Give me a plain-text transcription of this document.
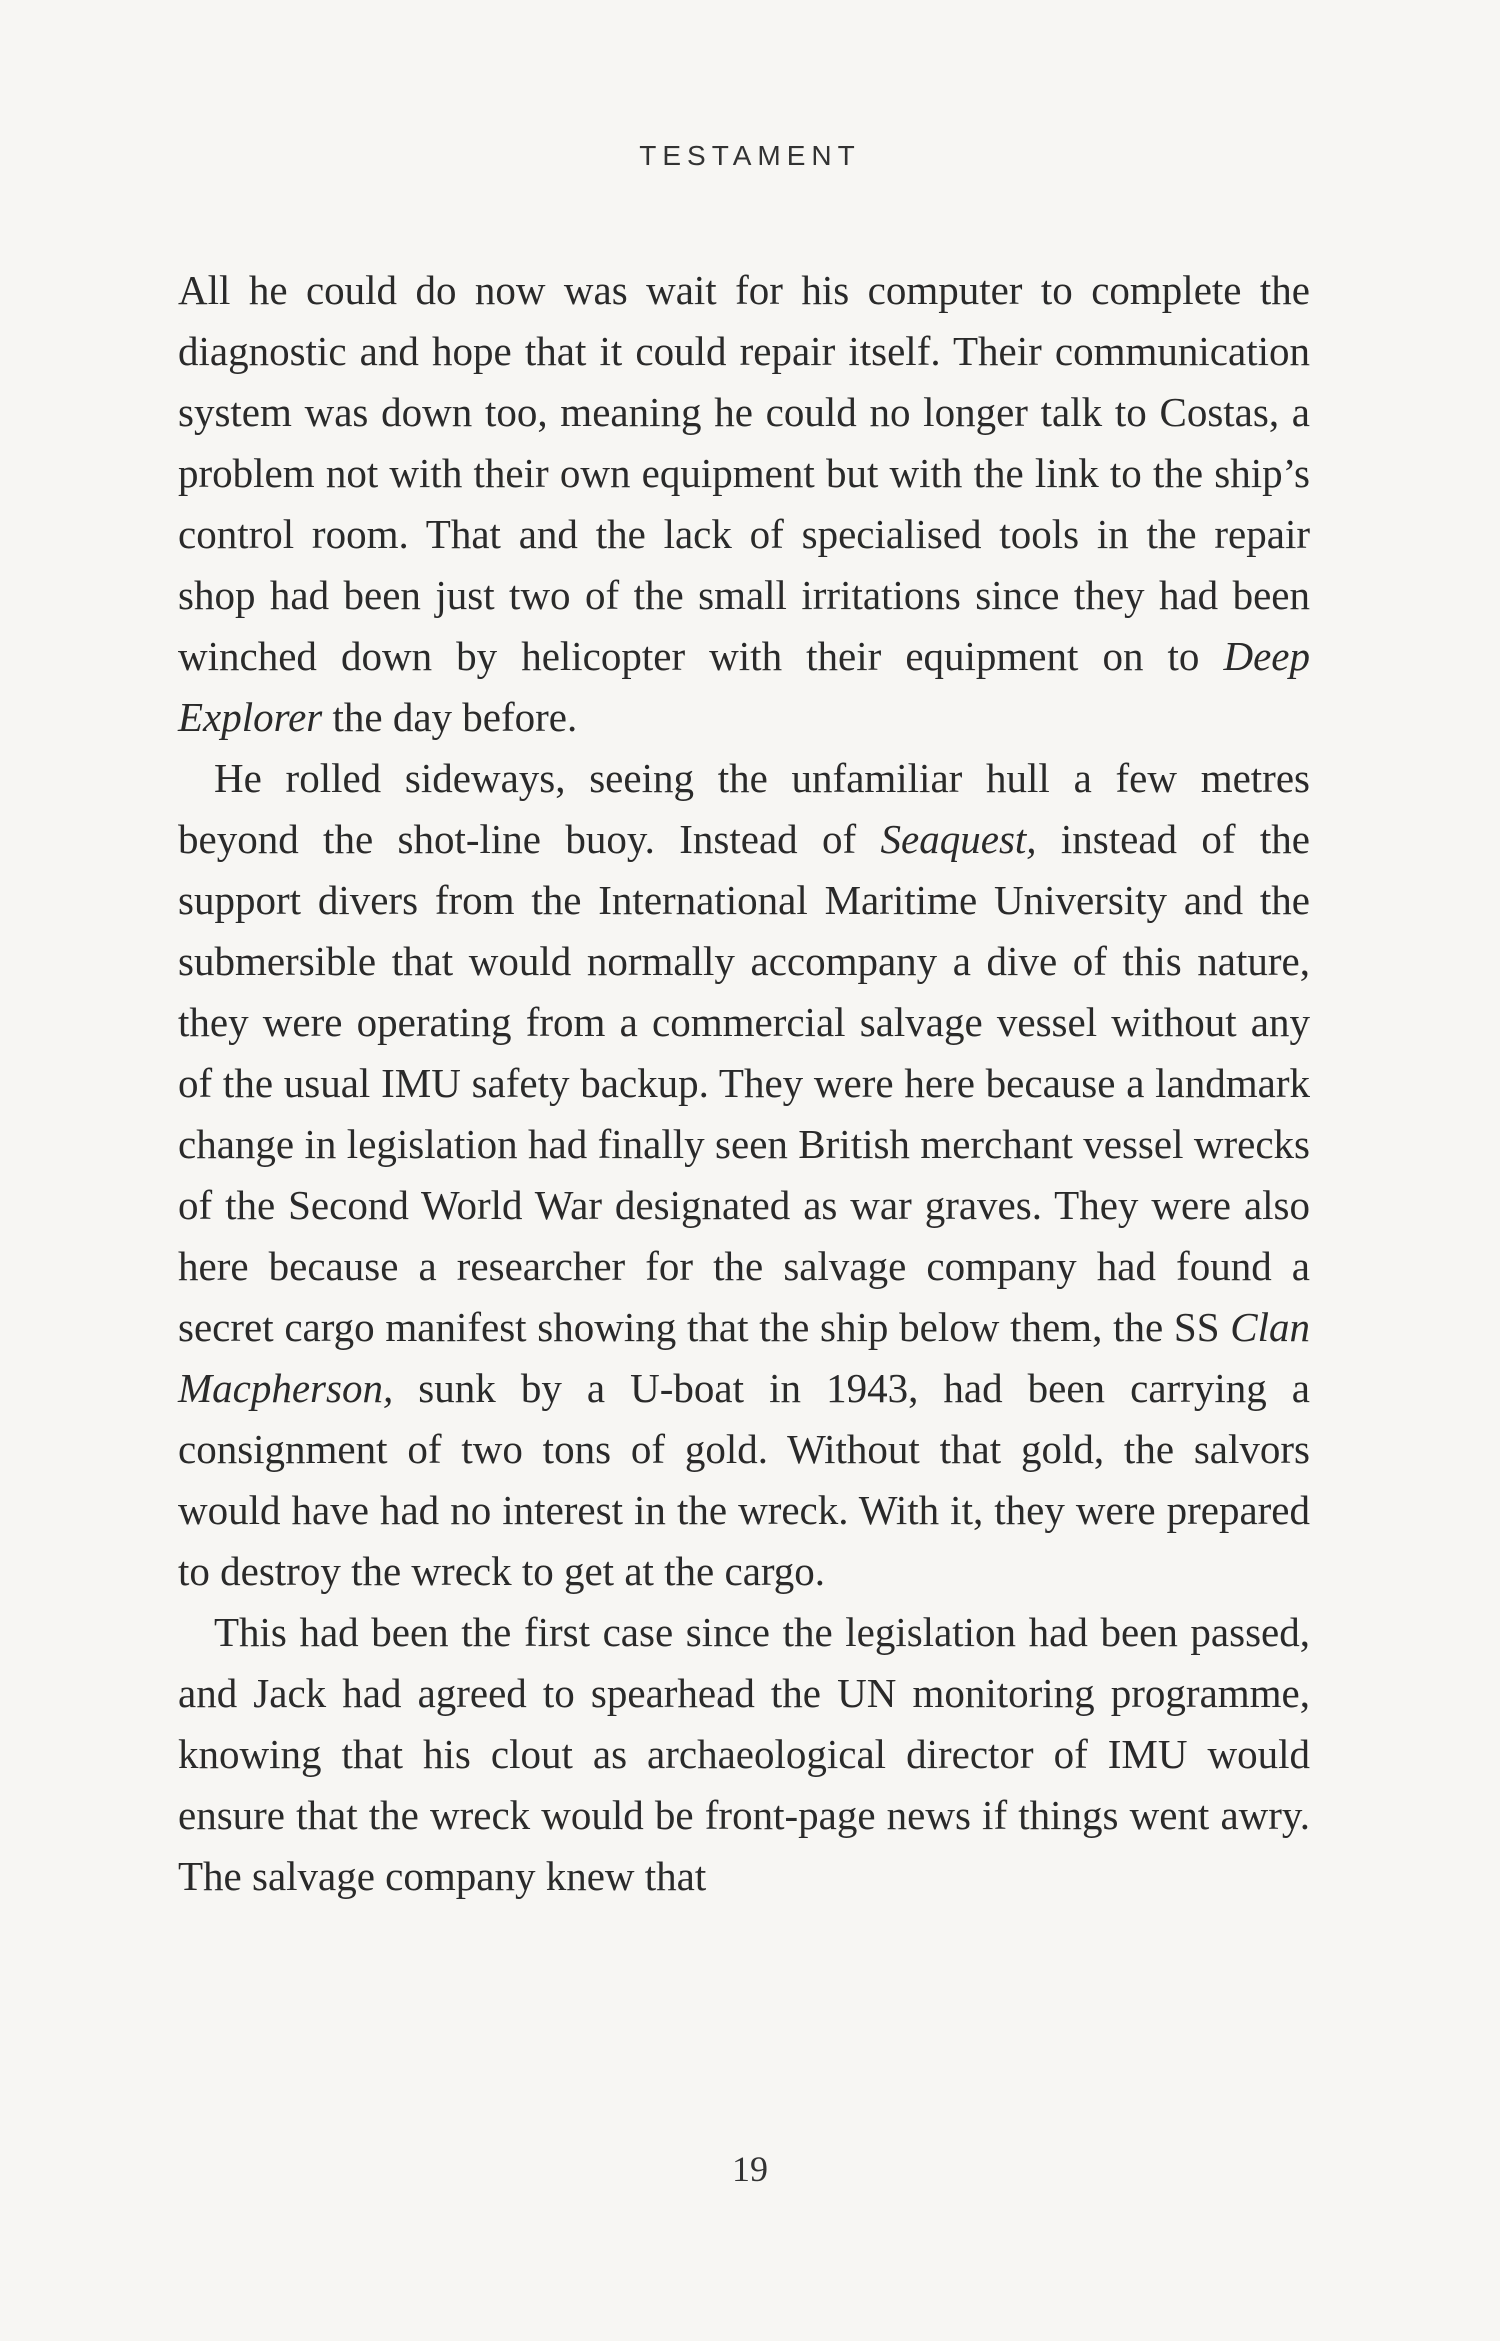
TESTAMENT

All he could do now was wait for his computer to complete the diagnostic and hope that it could repair itself. Their communication system was down too, meaning he could no longer talk to Costas, a problem not with their own equipment but with the link to the ship’s control room. That and the lack of specialised tools in the repair shop had been just two of the small irritations since they had been winched down by helicopter with their equipment on to Deep Explorer the day before.

He rolled sideways, seeing the unfamiliar hull a few metres beyond the shot-line buoy. Instead of Seaquest, instead of the support divers from the International Maritime University and the submersible that would normally accompany a dive of this nature, they were operating from a commercial salvage vessel without any of the usual IMU safety backup. They were here because a landmark change in legislation had finally seen British merchant vessel wrecks of the Second World War designated as war graves. They were also here because a researcher for the salvage company had found a secret cargo manifest showing that the ship below them, the SS Clan Macpherson, sunk by a U-boat in 1943, had been carrying a consignment of two tons of gold. Without that gold, the salvors would have had no interest in the wreck. With it, they were prepared to destroy the wreck to get at the cargo.

This had been the first case since the legislation had been passed, and Jack had agreed to spearhead the UN monitoring programme, knowing that his clout as archaeological director of IMU would ensure that the wreck would be front-page news if things went awry. The salvage company knew that

19
